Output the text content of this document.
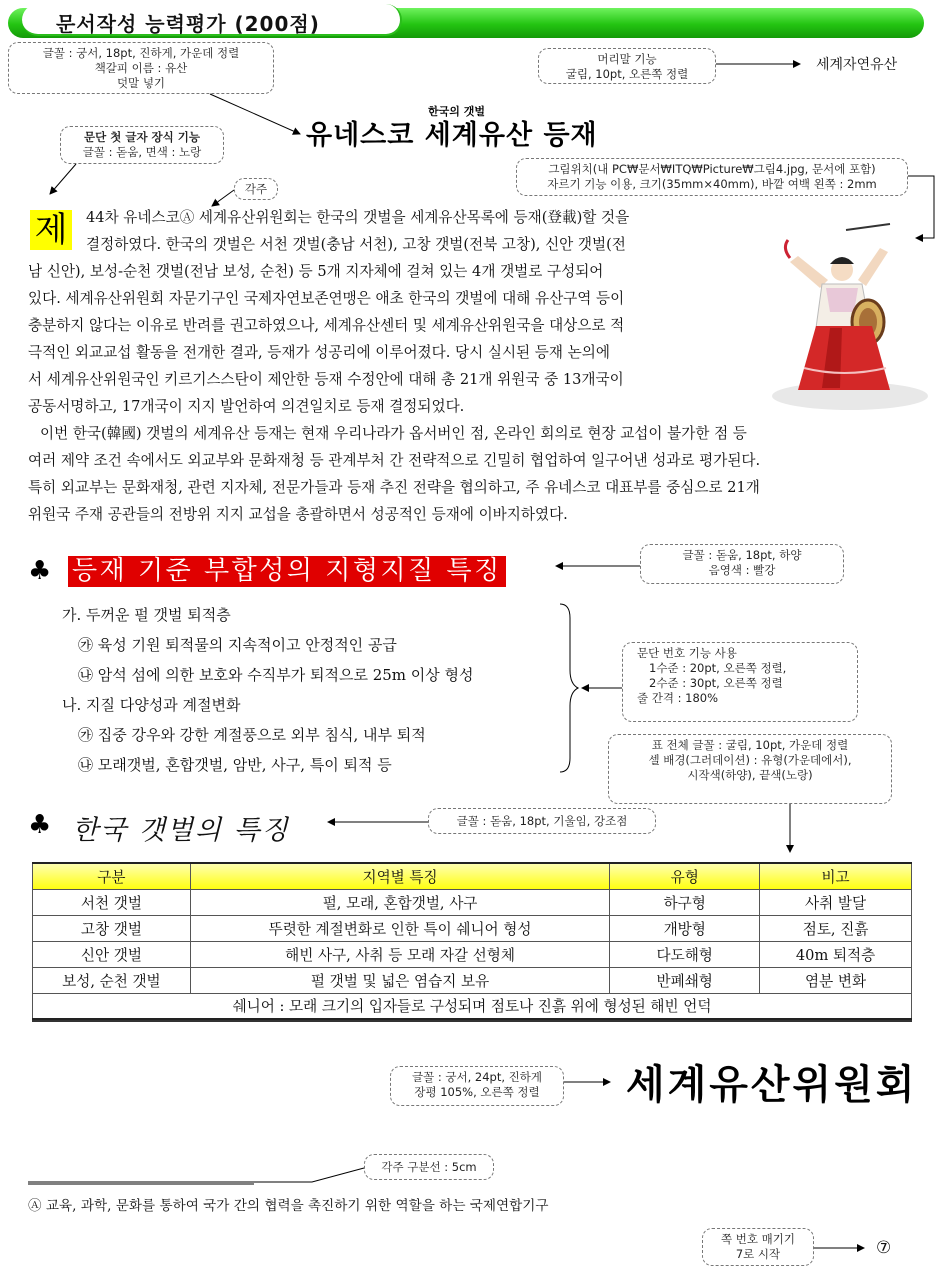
문서작성 능력평가 (200점)
글꼴 : 궁서, 18pt, 진하게, 가운데 정렬
책갈피 이름 : 유산
덧말 넣기
머리말 기능
굴림, 10pt, 오른쪽 정렬
세계자연유산
문단 첫 글자 장식 기능
글꼴 : 돋움, 면색 : 노랑
한국의 갯벌
유네스코 세계유산 등재
그림위치(내 PC₩문서₩ITQ₩Picture₩그림4.jpg, 문서에 포함)
자르기 기능 이용, 크기(35mm×40mm), 바깥 여백 왼쪽 : 2mm
각주
제	44차 유네스코Ⓐ 세계유산위원회는 한국의 갯벌을 세계유산목록에 등재(登載)할 것을
결정하였다. 한국의 갯벌은 서천 갯벌(충남 서천), 고창 갯벌(전북 고창), 신안 갯벌(전
남 신안), 보성-순천 갯벌(전남 보성, 순천) 등 5개 지자체에 걸쳐 있는 4개 갯벌로 구성되어
있다. 세계유산위원회 자문기구인 국제자연보존연맹은 애초 한국의 갯벌에 대해 유산구역 등이
충분하지 않다는 이유로 반려를 권고하였으나, 세계유산센터 및 세계유산위원국을 대상으로 적
극적인 외교교섭 활동을 전개한 결과, 등재가 성공리에 이루어졌다. 당시 실시된 등재 논의에
서 세계유산위원국인 키르기스스탄이 제안한 등재 수정안에 대해 총 21개 위원국 중 13개국이
공동서명하고, 17개국이 지지 발언하여 의견일치로 등재 결정되었다.
이번 한국(韓國) 갯벌의 세계유산 등재는 현재 우리나라가 옵서버인 점, 온라인 회의로 현장 교섭이 불가한 점 등
여러 제약 조건 속에서도 외교부와 문화재청 등 관계부처 간 전략적으로 긴밀히 협업하여 일구어낸 성과로 평가된다.
특히 외교부는 문화재청, 관련 지자체, 전문가들과 등재 추진 전략을 협의하고, 주 유네스코 대표부를 중심으로 21개
위원국 주재 공관들의 전방위 지지 교섭을 총괄하면서 성공적인 등재에 이바지하였다.
♣ 등재 기준 부합성의 지형지질 특징
글꼴 : 돋움, 18pt, 하양
음영색 : 빨강
가. 두꺼운 펄 갯벌 퇴적층
㉮ 육성 기원 퇴적물의 지속적이고 안정적인 공급
㉯ 암석 섬에 의한 보호와 수직부가 퇴적으로 25m 이상 형성
나. 지질 다양성과 계절변화
㉮ 집중 강우와 강한 계절풍으로 외부 침식, 내부 퇴적
㉯ 모래갯벌, 혼합갯벌, 암반, 사구, 특이 퇴적 등
문단 번호 기능 사용
1수준 : 20pt, 오른쪽 정렬,
2수준 : 30pt, 오른쪽 정렬
줄 간격 : 180%
표 전체 글꼴 : 굴림, 10pt, 가운데 정렬
셀 배경(그러데이션) : 유형(가운데에서),
시작색(하양), 끝색(노랑)
♣ 한국 갯벌의 특징	글꼴 : 돋움, 18pt, 기울임, 강조점
구분	지역별 특징	유형	비고
서천 갯벌	펄, 모래, 혼합갯벌, 사구	하구형	사취 발달
고창 갯벌	뚜렷한 계절변화로 인한 특이 쉐니어 형성	개방형	점토, 진흙
신안 갯벌	해빈 사구, 사취 등 모래 자갈 선형체	다도해형	40m 퇴적층
보성, 순천 갯벌	펄 갯벌 및 넓은 염습지 보유	반폐쇄형	염분 변화
쉐니어 : 모래 크기의 입자들로 구성되며 점토나 진흙 위에 형성된 해빈 언덕			
글꼴 : 궁서, 24pt, 진하게
장평 105%, 오른쪽 정렬	세계유산위원회
각주 구분선 : 5cm
Ⓐ 교육, 과학, 문화를 통하여 국가 간의 협력을 촉진하기 위한 역할을 하는 국제연합기구
쪽 번호 매기기
7로 시작	⑦
